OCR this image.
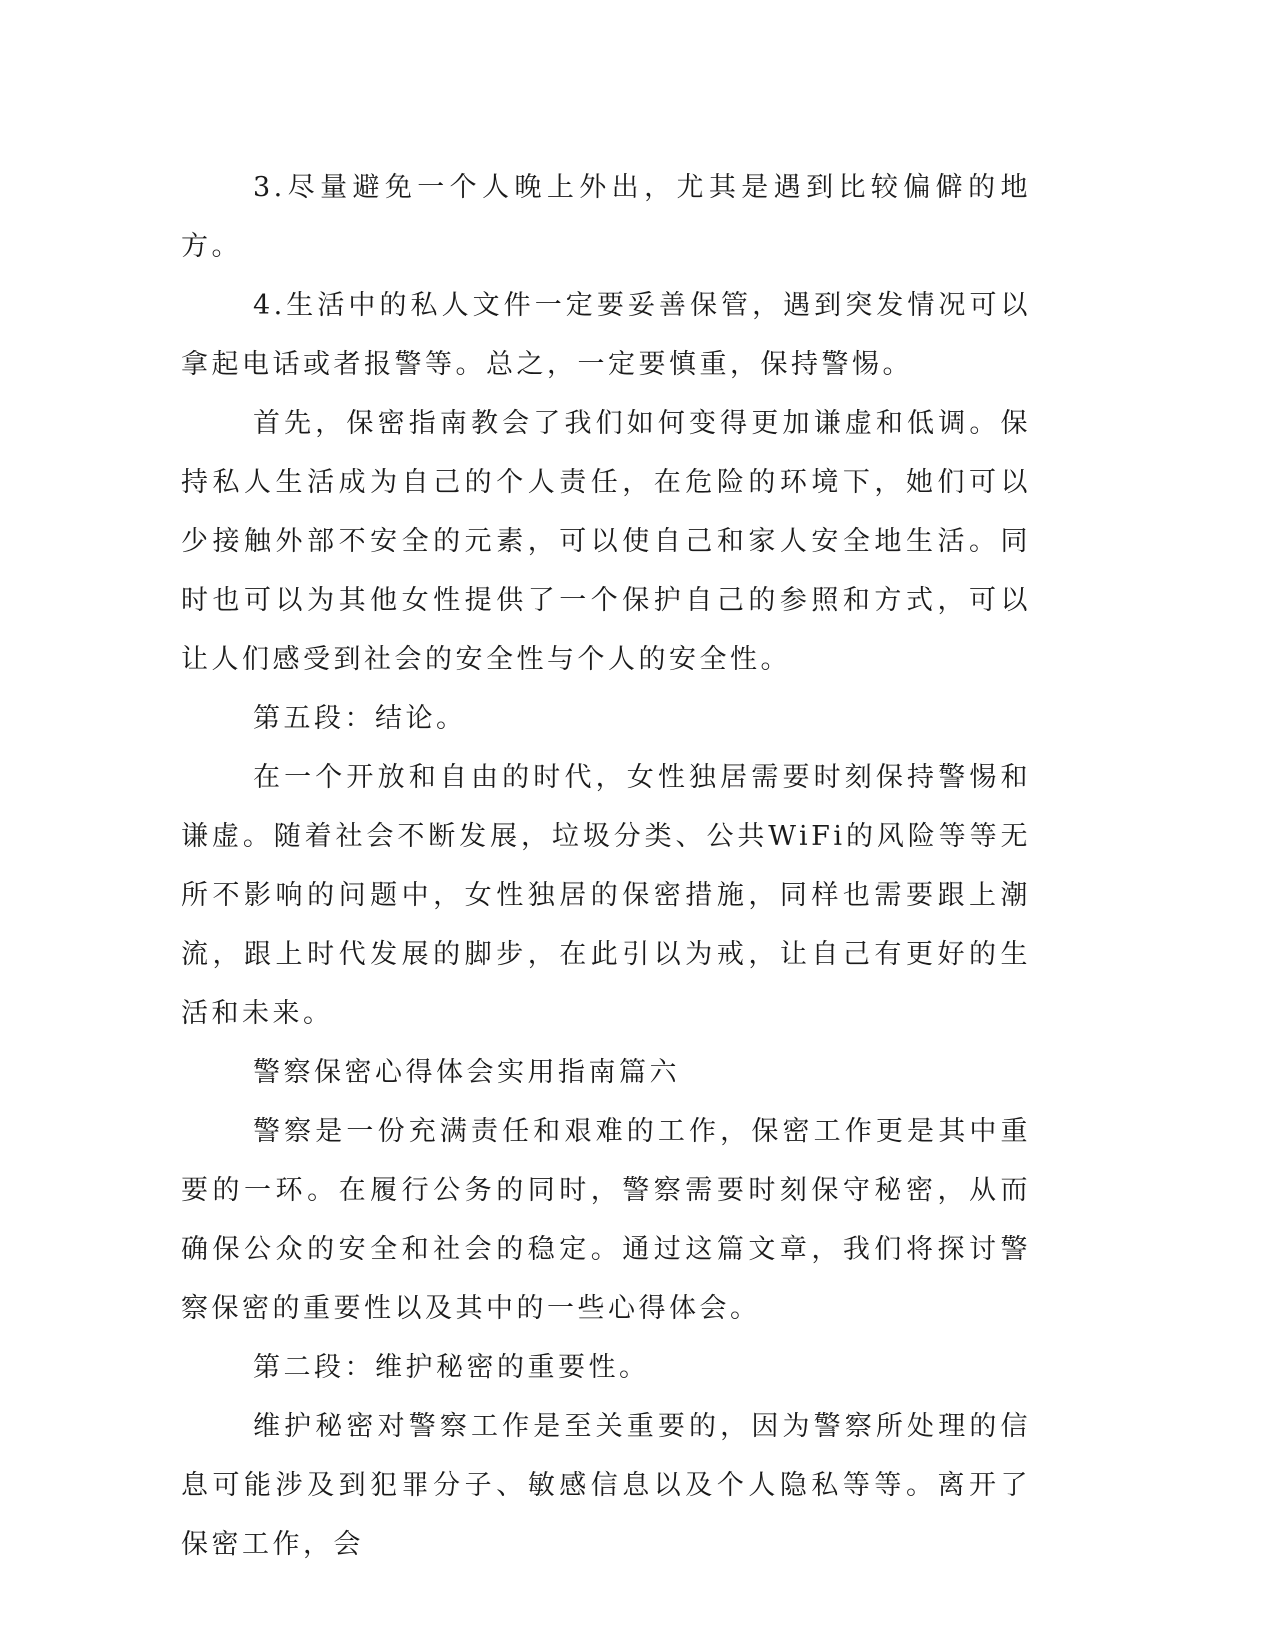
3.尽量避免一个人晚上外出，尤其是遇到比较偏僻的地方。

4.生活中的私人文件一定要妥善保管，遇到突发情况可以拿起电话或者报警等。总之，一定要慎重，保持警惕。

首先，保密指南教会了我们如何变得更加谦虚和低调。保持私人生活成为自己的个人责任，在危险的环境下，她们可以少接触外部不安全的元素，可以使自己和家人安全地生活。同时也可以为其他女性提供了一个保护自己的参照和方式，可以让人们感受到社会的安全性与个人的安全性。

第五段：结论。

在一个开放和自由的时代，女性独居需要时刻保持警惕和谦虚。随着社会不断发展，垃圾分类、公共WiFi的风险等等无所不影响的问题中，女性独居的保密措施，同样也需要跟上潮流，跟上时代发展的脚步，在此引以为戒，让自己有更好的生活和未来。

警察保密心得体会实用指南篇六

警察是一份充满责任和艰难的工作，保密工作更是其中重要的一环。在履行公务的同时，警察需要时刻保守秘密，从而确保公众的安全和社会的稳定。通过这篇文章，我们将探讨警察保密的重要性以及其中的一些心得体会。

第二段：维护秘密的重要性。

维护秘密对警察工作是至关重要的，因为警察所处理的信息可能涉及到犯罪分子、敏感信息以及个人隐私等等。离开了保密工作，会
